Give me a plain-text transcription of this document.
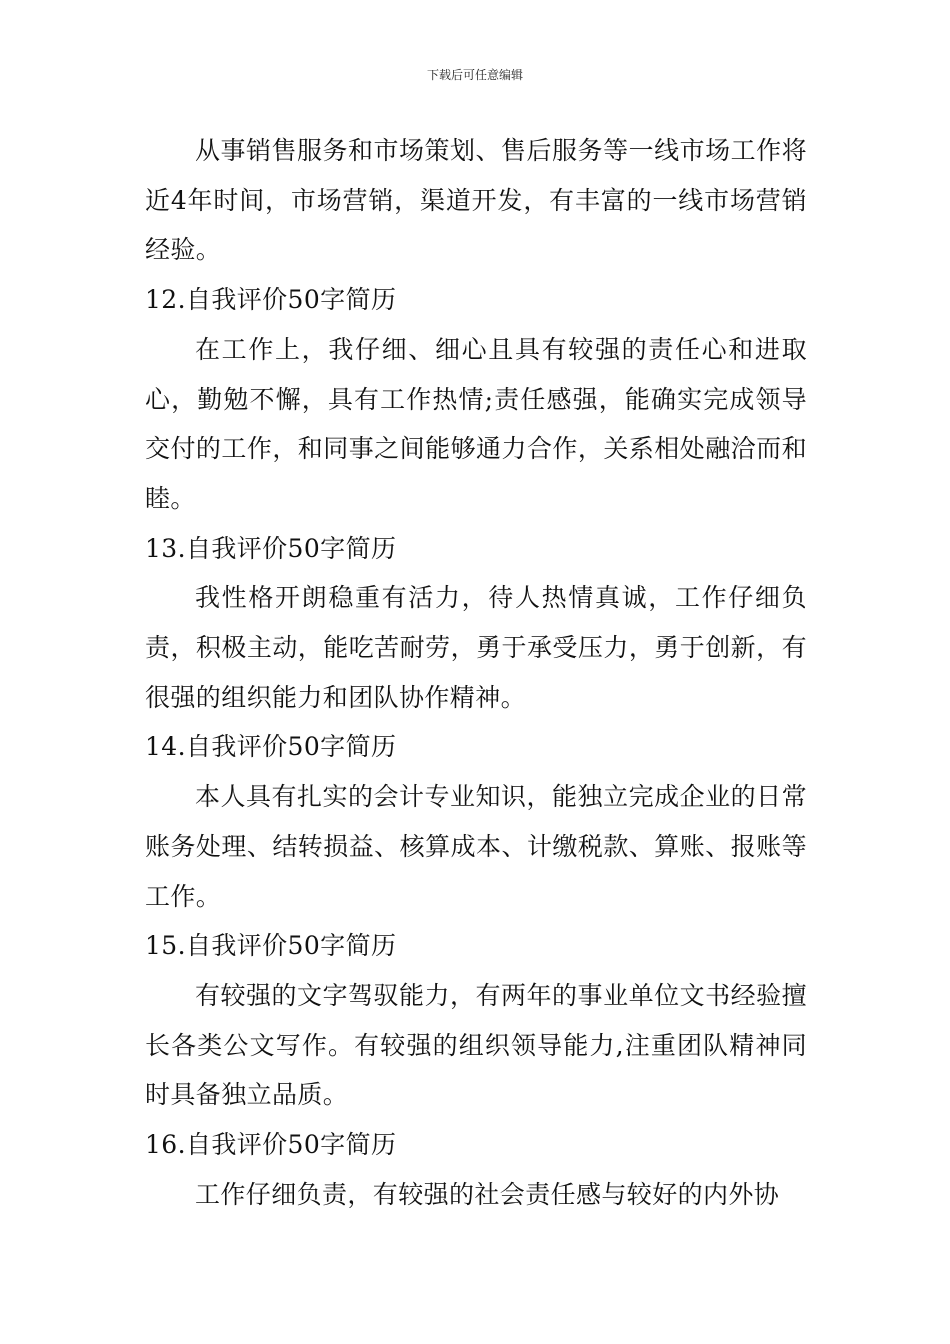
下载后可任意编辑

从事销售服务和市场策划、售后服务等一线市场工作将近4年时间，市场营销，渠道开发，有丰富的一线市场营销经验。

12.自我评价50字简历

在工作上，我仔细、细心且具有较强的责任心和进取心，勤勉不懈，具有工作热情;责任感强，能确实完成领导交付的工作，和同事之间能够通力合作，关系相处融洽而和睦。

13.自我评价50字简历

我性格开朗稳重有活力，待人热情真诚，工作仔细负责，积极主动，能吃苦耐劳，勇于承受压力，勇于创新，有很强的组织能力和团队协作精神。

14.自我评价50字简历

本人具有扎实的会计专业知识，能独立完成企业的日常账务处理、结转损益、核算成本、计缴税款、算账、报账等工作。

15.自我评价50字简历

有较强的文字驾驭能力，有两年的事业单位文书经验擅长各类公文写作。有较强的组织领导能力,注重团队精神同时具备独立品质。

16.自我评价50字简历

工作仔细负责，有较强的社会责任感与较好的内外协
